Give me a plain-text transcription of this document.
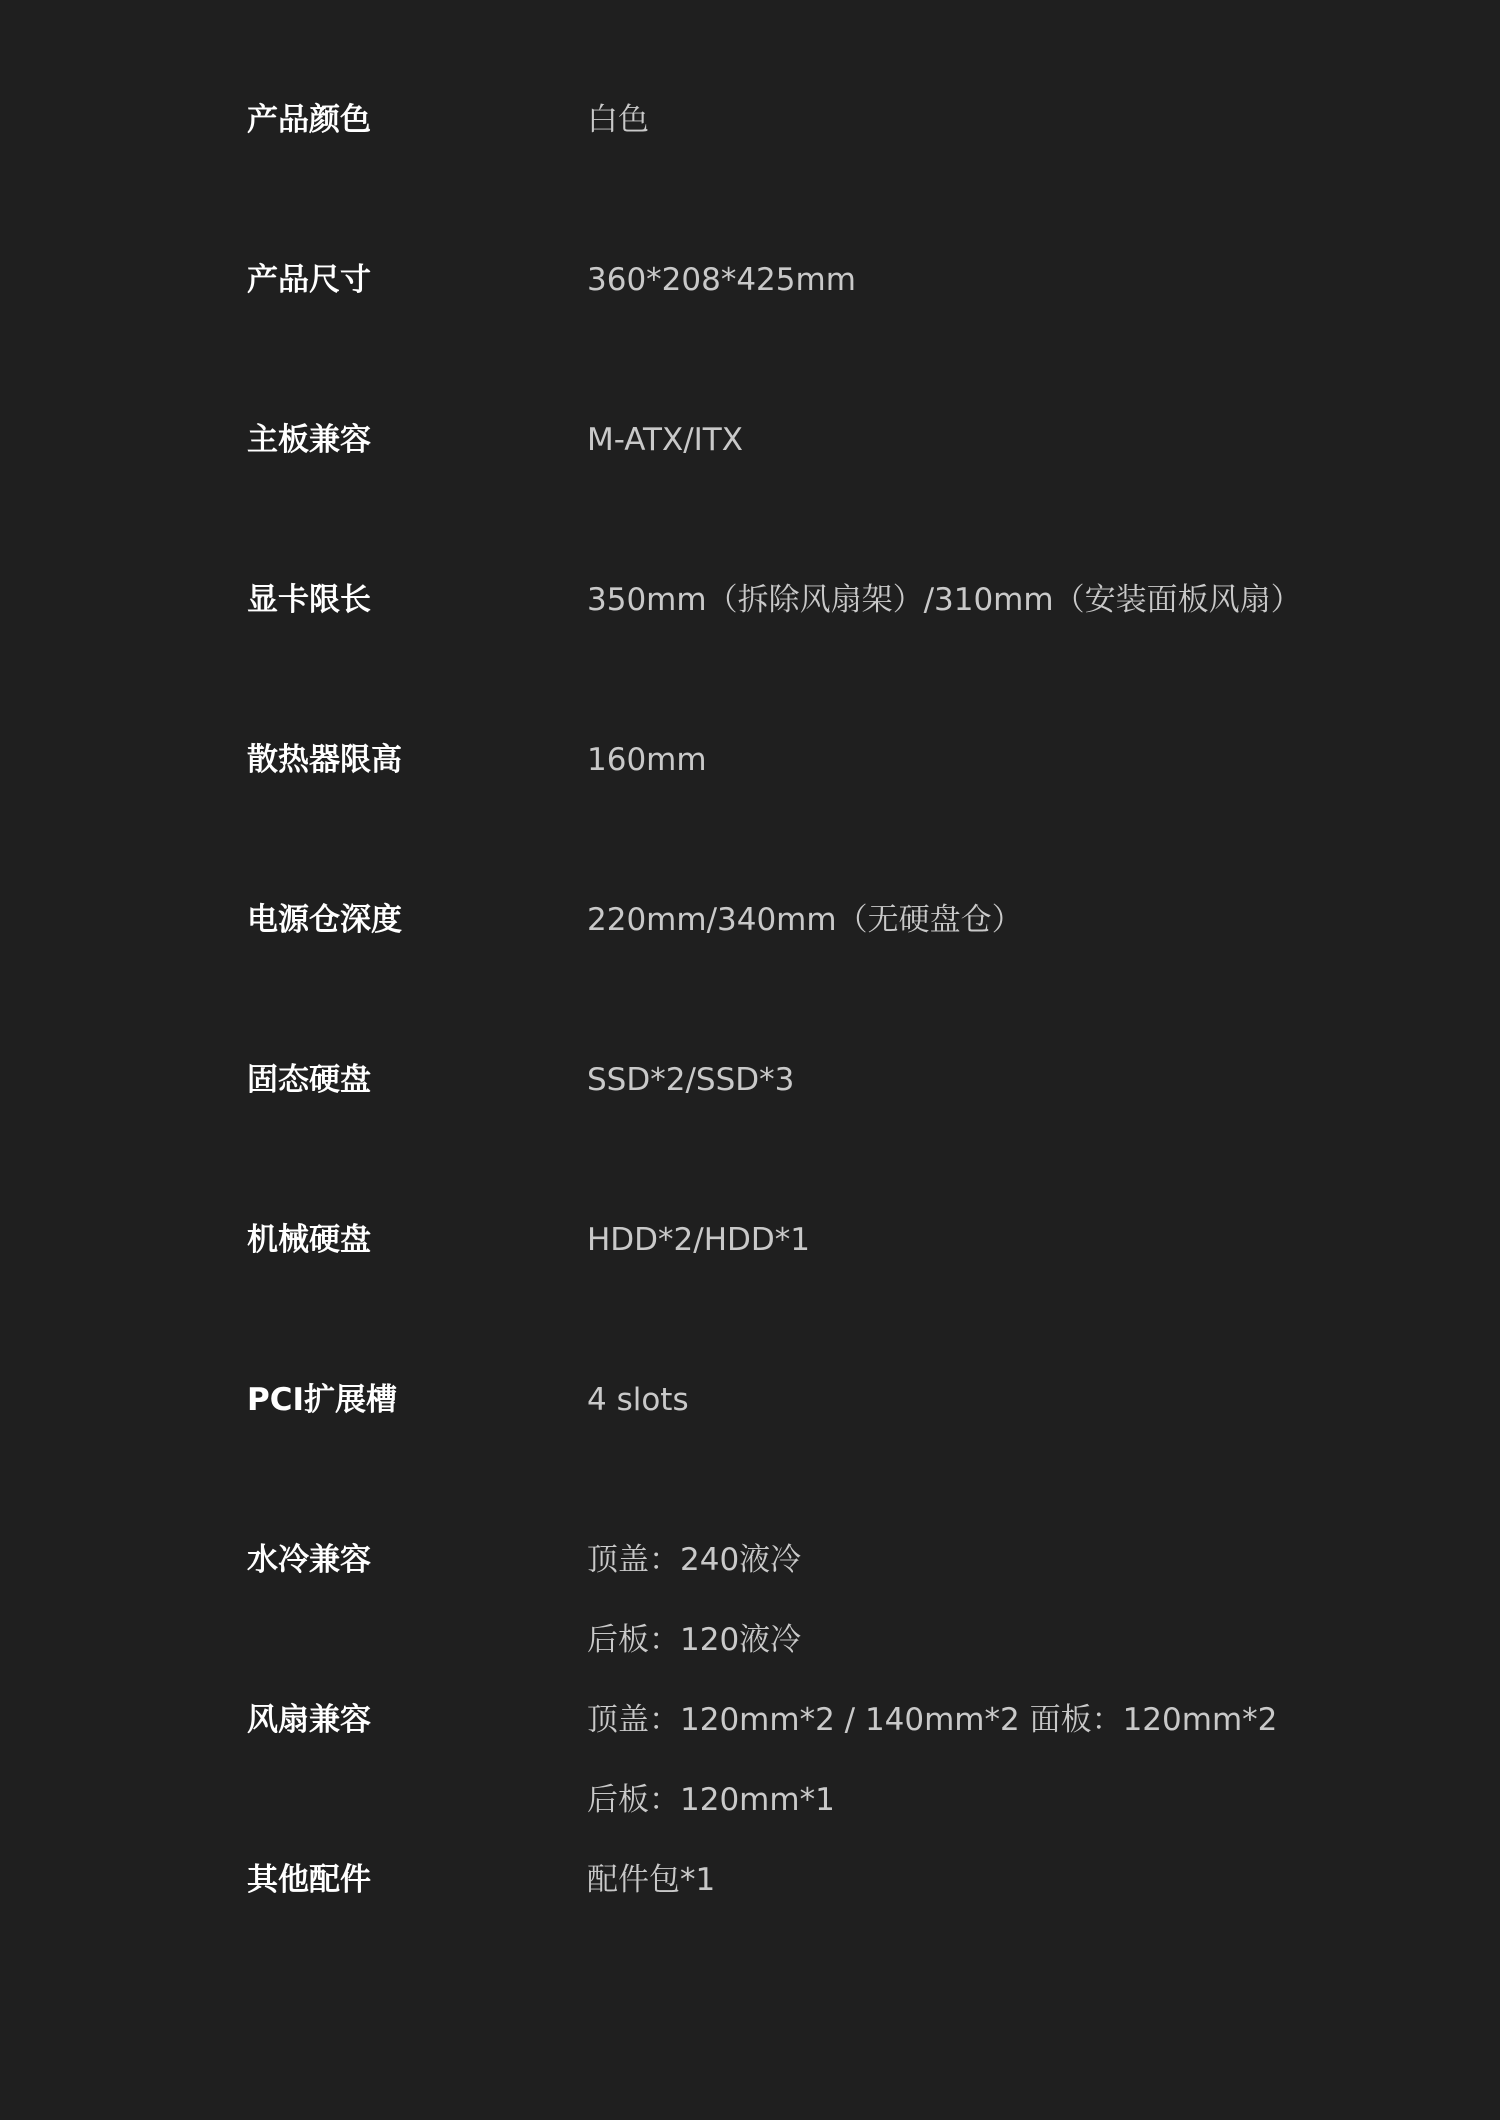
产品颜色	白色
产品尺寸	360*208*425mm
主板兼容	M-ATX/ITX
显卡限长	350mm（拆除风扇架）/310mm（安装面板风扇）
散热器限高	160mm
电源仓深度	220mm/340mm（无硬盘仓）
固态硬盘	SSD*2/SSD*3
机械硬盘	HDD*2/HDD*1
PCI扩展槽	4 slots
水冷兼容	顶盖：240液冷
后板：120液冷
风扇兼容	顶盖：120mm*2 / 140mm*2 面板：120mm*2
后板：120mm*1
其他配件	配件包*1
